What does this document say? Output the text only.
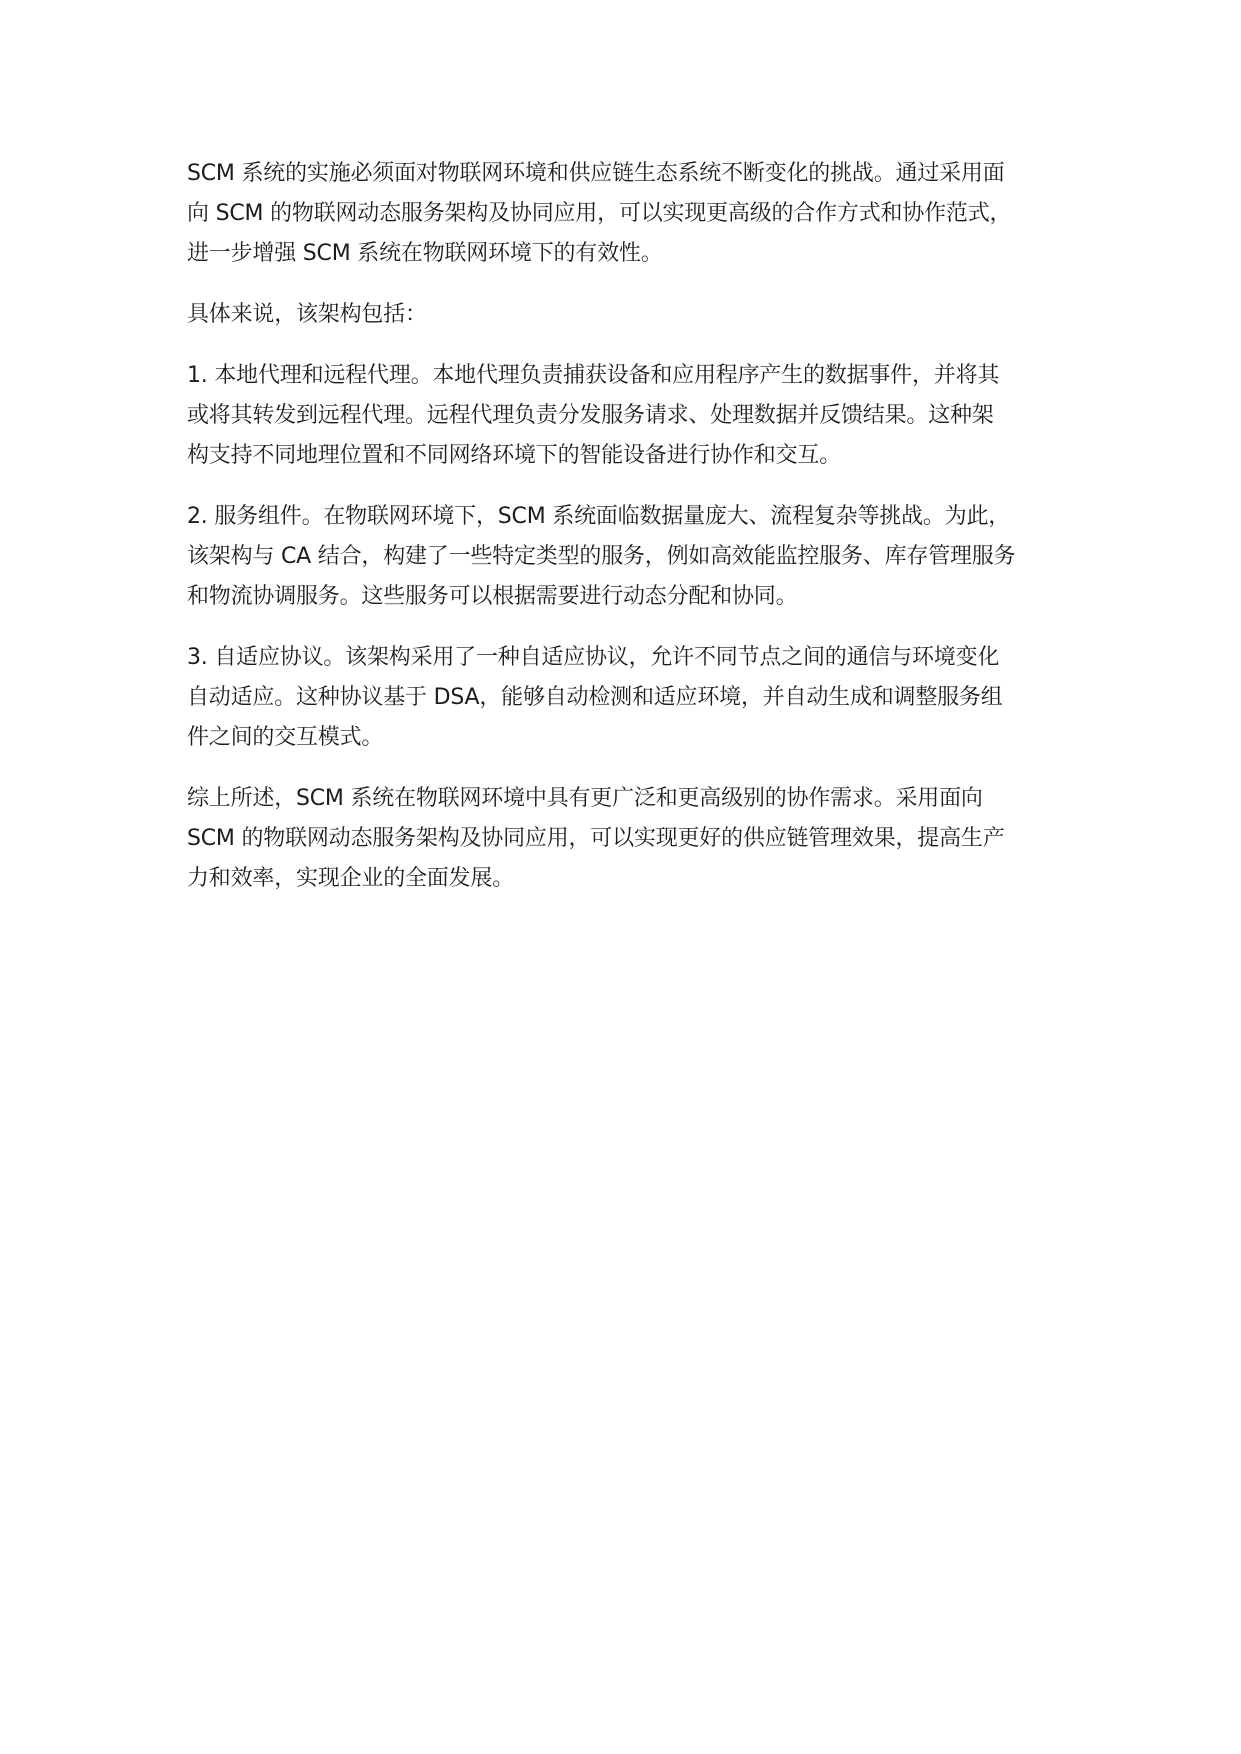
SCM 系统的实施必须面对物联网环境和供应链生态系统不断变化的挑战。通过采用面
向 SCM 的物联网动态服务架构及协同应用，可以实现更高级的合作方式和协作范式，
进一步增强 SCM 系统在物联网环境下的有效性。

具体来说，该架构包括：

1. 本地代理和远程代理。本地代理负责捕获设备和应用程序产生的数据事件，并将其
或将其转发到远程代理。远程代理负责分发服务请求、处理数据并反馈结果。这种架
构支持不同地理位置和不同网络环境下的智能设备进行协作和交互。

2. 服务组件。在物联网环境下，SCM 系统面临数据量庞大、流程复杂等挑战。为此，
该架构与 CA 结合，构建了一些特定类型的服务，例如高效能监控服务、库存管理服务
和物流协调服务。这些服务可以根据需要进行动态分配和协同。

3. 自适应协议。该架构采用了一种自适应协议，允许不同节点之间的通信与环境变化
自动适应。这种协议基于 DSA，能够自动检测和适应环境，并自动生成和调整服务组
件之间的交互模式。

综上所述，SCM 系统在物联网环境中具有更广泛和更高级别的协作需求。采用面向
SCM 的物联网动态服务架构及协同应用，可以实现更好的供应链管理效果，提高生产
力和效率，实现企业的全面发展。
